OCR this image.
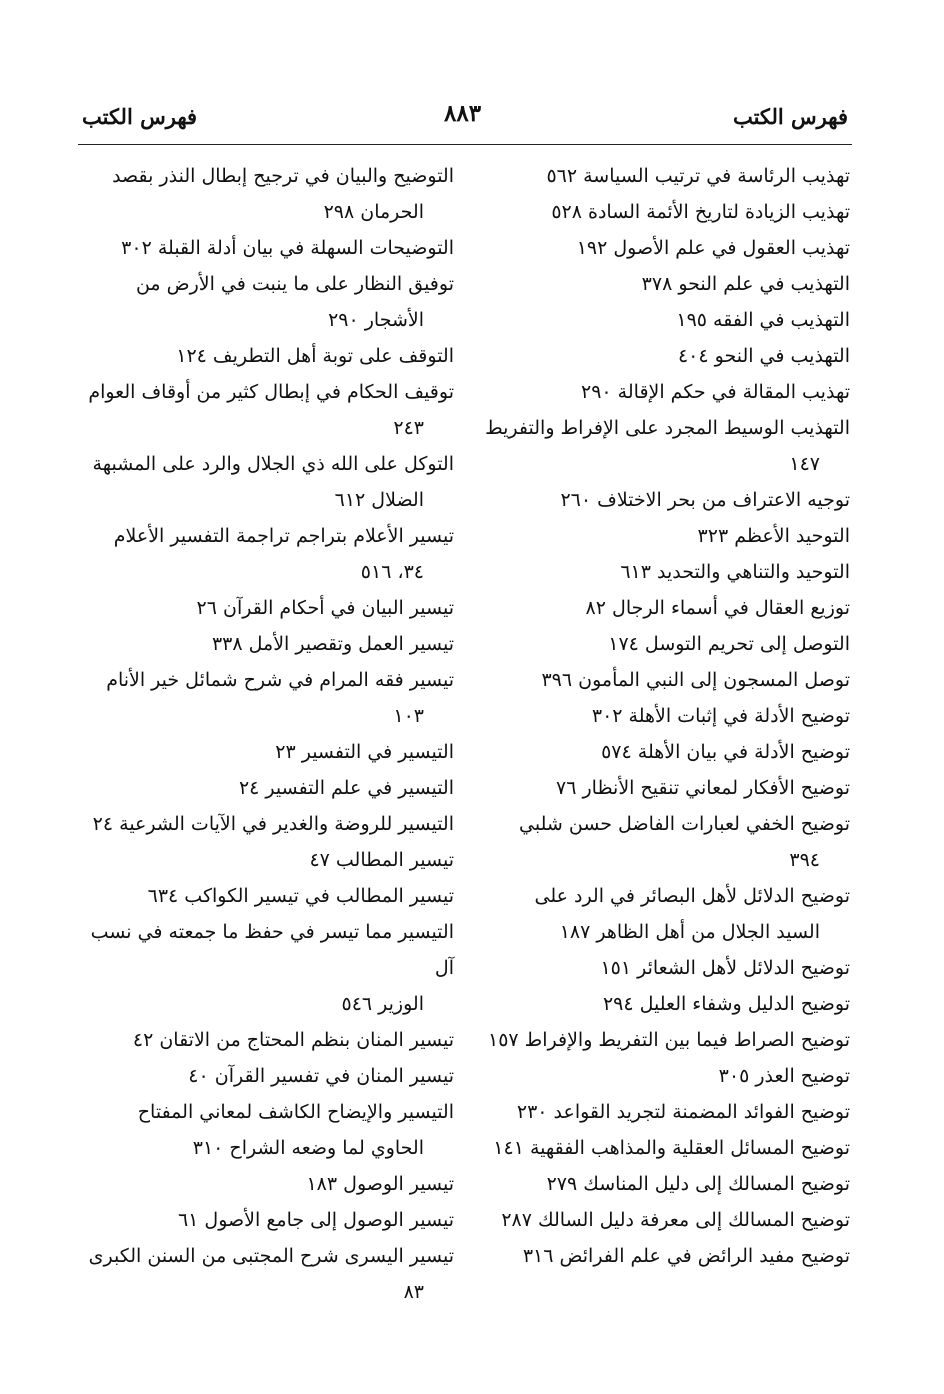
فهرس الكتب
٨٨٣
فهرس الكتب
تهذيب الرئاسة في ترتيب السياسة ٥٦٢
تهذيب الزيادة لتاريخ الأئمة السادة ٥٢٨
تهذيب العقول في علم الأصول ١٩٢
التهذيب في علم النحو ٣٧٨
التهذيب في الفقه ١٩٥
التهذيب في النحو ٤٠٤
تهذيب المقالة في حكم الإقالة ٢٩٠
التهذيب الوسيط المجرد على الإفراط والتفريط
١٤٧
توجيه الاعتراف من بحر الاختلاف ٢٦٠
التوحيد الأعظم ٣٢٣
التوحيد والتناهي والتحديد ٦١٣
توزيع العقال في أسماء الرجال ٨٢
التوصل إلى تحريم التوسل ١٧٤
توصل المسجون إلى النبي المأمون ٣٩٦
توضيح الأدلة في إثبات الأهلة ٣٠٢
توضيح الأدلة في بيان الأهلة ٥٧٤
توضيح الأفكار لمعاني تنقيح الأنظار ٧٦
توضيح الخفي لعبارات الفاضل حسن شلبي
٣٩٤
توضيح الدلائل لأهل البصائر في الرد على
السيد الجلال من أهل الظاهر ١٨٧
توضيح الدلائل لأهل الشعائر ١٥١
توضيح الدليل وشفاء العليل ٢٩٤
توضيح الصراط فيما بين التفريط والإفراط ١٥٧
توضيح العذر ٣٠٥
توضيح الفوائد المضمنة لتجريد القواعد ٢٣٠
توضيح المسائل العقلية والمذاهب الفقهية ١٤١
توضيح المسالك إلى دليل المناسك ٢٧٩
توضيح المسالك إلى معرفة دليل السالك ٢٨٧
توضيح مفيد الرائض في علم الفرائض ٣١٦
التوضيح والبيان في ترجيح إبطال النذر بقصد
الحرمان ٢٩٨
التوضيحات السهلة في بيان أدلة القبلة ٣٠٢
توفيق النظار على ما ينبت في الأرض من
الأشجار ٢٩٠
التوقف على توبة أهل التطريف ١٢٤
توقيف الحكام في إبطال كثير من أوقاف العوام
٢٤٣
التوكل على الله ذي الجلال والرد على المشبهة
الضلال ٦١٢
تيسير الأعلام بتراجم تراجمة التفسير الأعلام
٣٤، ٥١٦
تيسير البيان في أحكام القرآن ٢٦
تيسير العمل وتقصير الأمل ٣٣٨
تيسير فقه المرام في شرح شمائل خير الأنام
١٠٣
التيسير في التفسير ٢٣
التيسير في علم التفسير ٢٤
التيسير للروضة والغدير في الآيات الشرعية ٢٤
تيسير المطالب ٤٧
تيسير المطالب في تيسير الكواكب ٦٣٤
التيسير مما تيسر في حفظ ما جمعته في نسب آل
الوزير ٥٤٦
تيسير المنان بنظم المحتاج من الاتقان ٤٢
تيسير المنان في تفسير القرآن ٤٠
التيسير والإيضاح الكاشف لمعاني المفتاح
الحاوي لما وضعه الشراح ٣١٠
تيسير الوصول ١٨٣
تيسير الوصول إلى جامع الأصول ٦١
تيسير اليسرى شرح المجتبى من السنن الكبرى
٨٣
